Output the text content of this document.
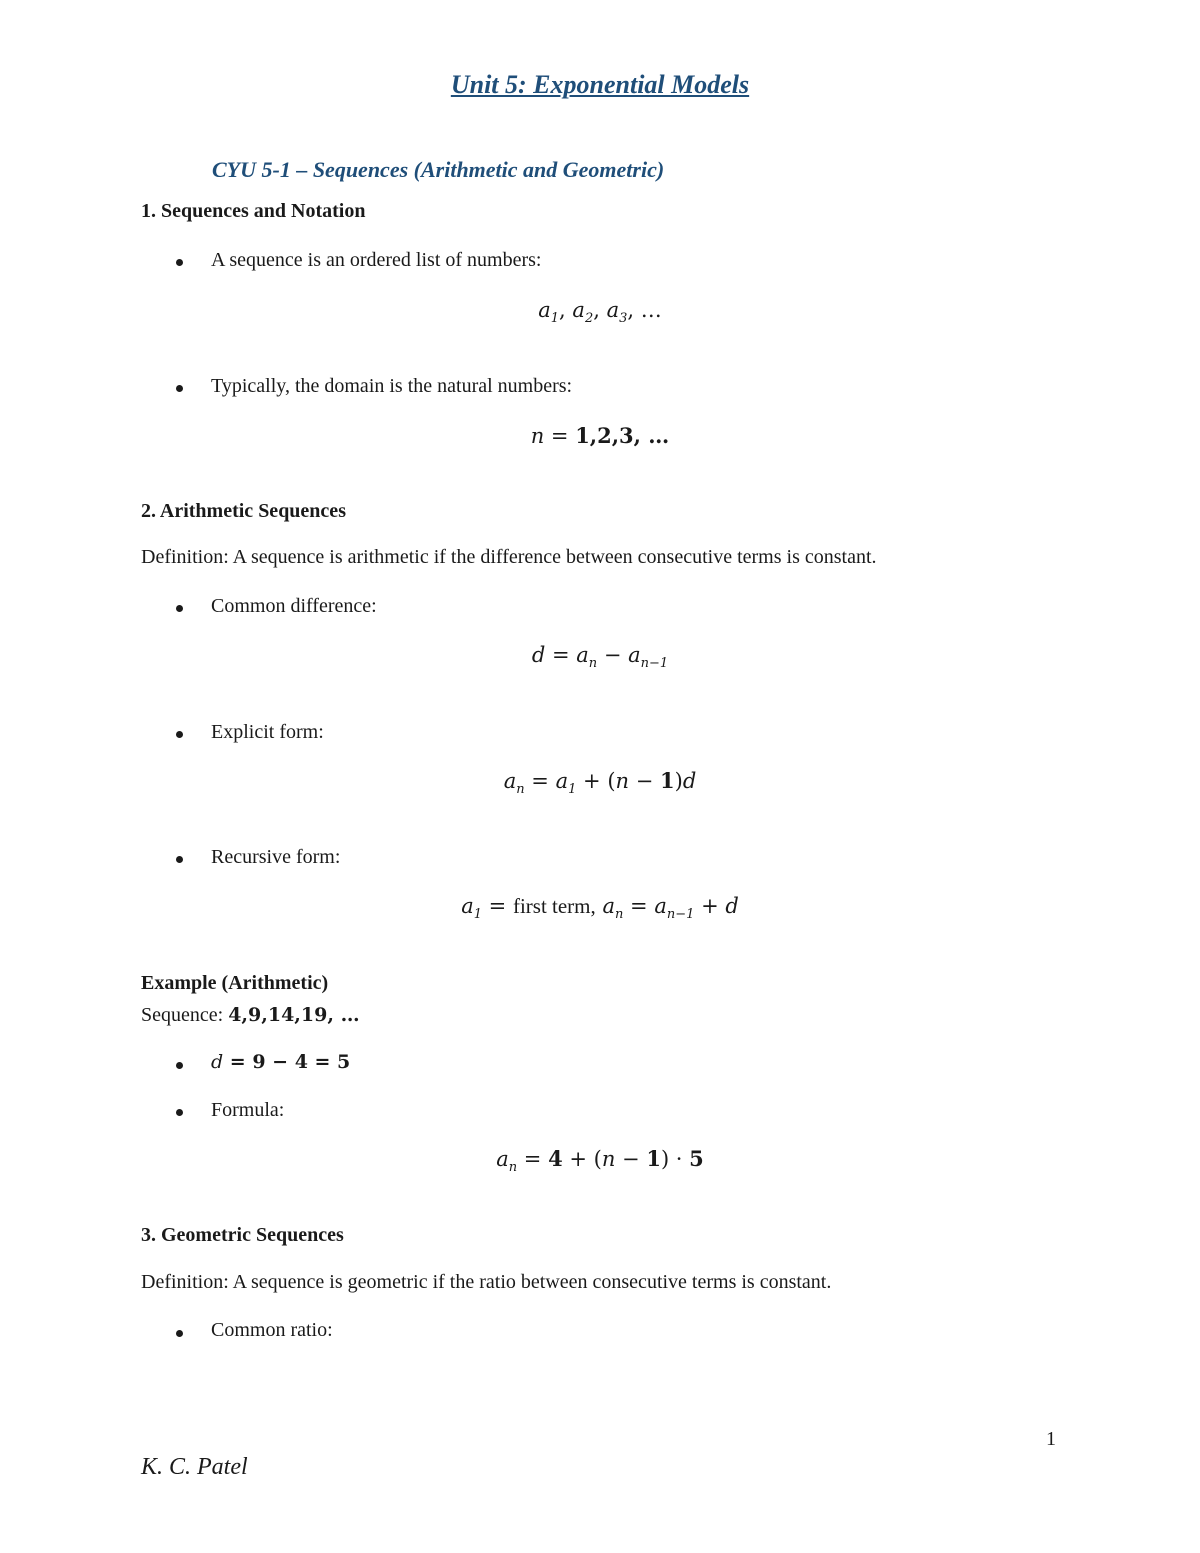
Unit 5: Exponential Models
CYU 5-1 – Sequences (Arithmetic and Geometric)
1. Sequences and Notation
A sequence is an ordered list of numbers:
$a_1$, $a_2$, $a_3$, …
Typically, the domain is the natural numbers:
n = 1,2,3, …
2. Arithmetic Sequences
Definition: A sequence is arithmetic if the difference between consecutive terms is constant.
Common difference:
$d = a_n - a_{n-1}$
Explicit form:
$a_n = a_1 + (n - 1)d$
Recursive form:
$a_1$ = first term, $a_n = a_{n-1} + d$
Example (Arithmetic)
Sequence: 4,9,14,19, …
d = 9 − 4 = 5
Formula:
$a_n = 4 + (n - 1) \cdot 5$
3. Geometric Sequences
Definition: A sequence is geometric if the ratio between consecutive terms is constant.
Common ratio:
1
K. C. Patel
